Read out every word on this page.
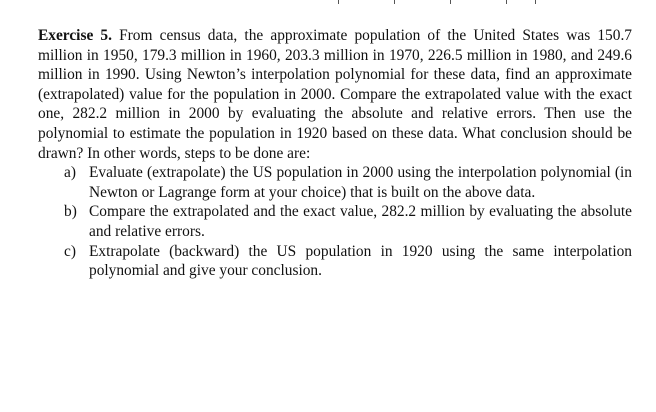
Exercise 5. From census data, the approximate population of the United States was 150.7 million in 1950, 179.3 million in 1960, 203.3 million in 1970, 226.5 million in 1980, and 249.6 million in 1990. Using Newton’s interpolation polynomial for these data, find an approximate (extrapolated) value for the population in 2000. Compare the extrapolated value with the exact one, 282.2 million in 2000 by evaluating the absolute and relative errors. Then use the polynomial to estimate the population in 1920 based on these data. What conclusion should be drawn? In other words, steps to be done are:

a) Evaluate (extrapolate) the US population in 2000 using the interpolation polynomial (in Newton or Lagrange form at your choice) that is built on the above data.
b) Compare the extrapolated and the exact value, 282.2 million by evaluating the absolute and relative errors.
c) Extrapolate (backward) the US population in 1920 using the same interpolation polynomial and give your conclusion.
